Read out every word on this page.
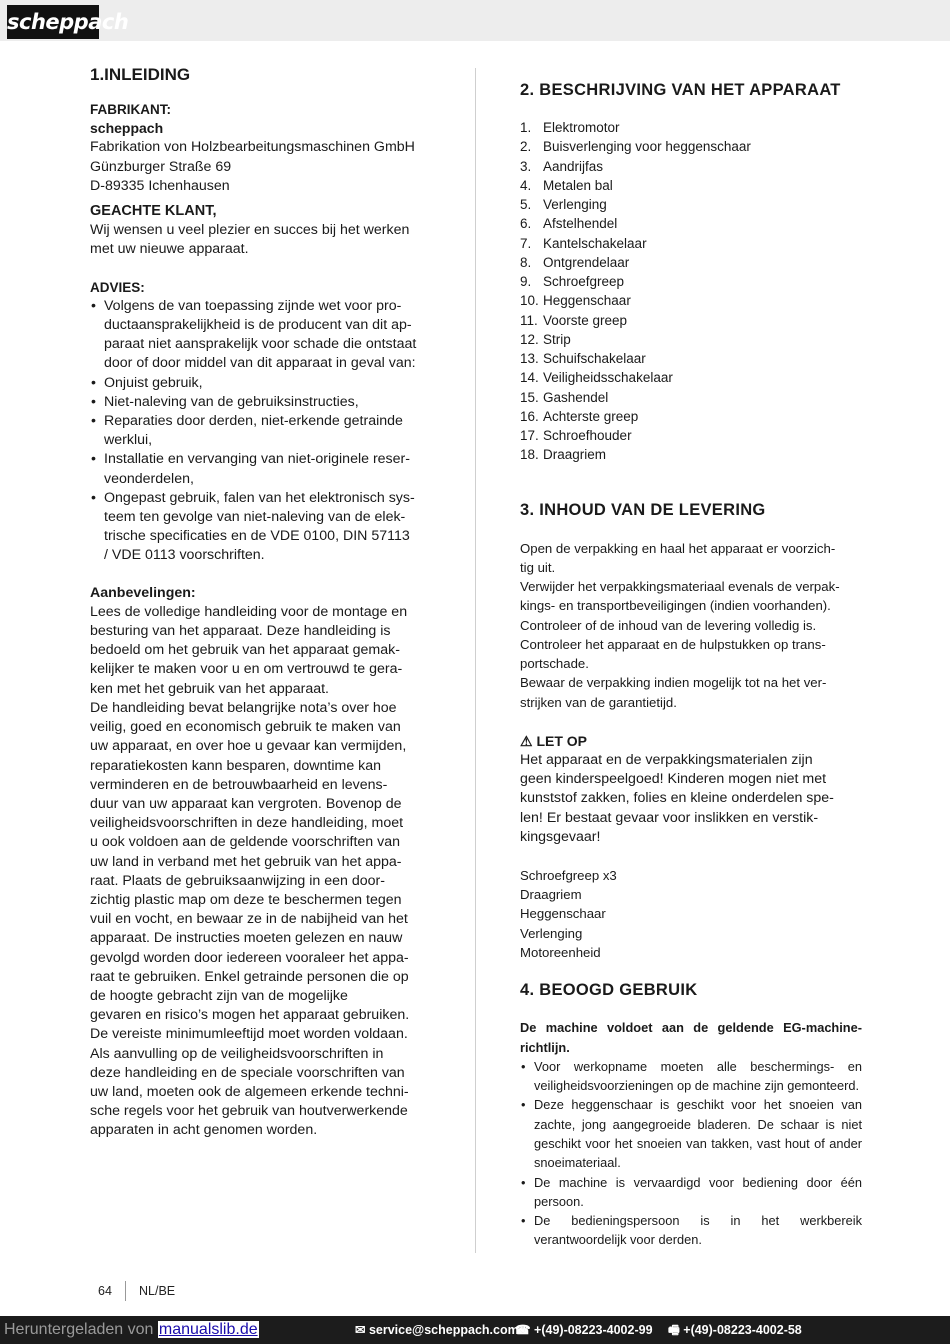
scheppach
1.INLEIDING
FABRIKANT:
scheppach
Fabrikation von Holzbearbeitungsmaschinen GmbH
Günzburger Straße 69
D-89335 Ichenhausen
GEACHTE KLANT,
Wij wensen u veel plezier en succes bij het werken
met uw nieuwe apparaat.
ADVIES:
• Volgens de van toepassing zijnde wet voor pro-
ductaansprakelijkheid is de producent van dit ap-
paraat niet aansprakelijk voor schade die ontstaat
door of door middel van dit apparaat in geval van:
• Onjuist gebruik,
• Niet-naleving van de gebruiksinstructies,
• Reparaties door derden, niet-erkende getrainde
werklui,
• Installatie en vervanging van niet-originele reser-
veonderdelen,
• Ongepast gebruik, falen van het elektronisch sys-
teem ten gevolge van niet-naleving van de elek-
trische specificaties en de VDE 0100, DIN 57113
/ VDE 0113 voorschriften.
Aanbevelingen:
Lees de volledige handleiding voor de montage en
besturing van het apparaat. Deze handleiding is
bedoeld om het gebruik van het apparaat gemak-
kelijker te maken voor u en om vertrouwd te gera-
ken met het gebruik van het apparaat.
De handleiding bevat belangrijke nota’s over hoe
veilig, goed en economisch gebruik te maken van
uw apparaat, en over hoe u gevaar kan vermijden,
reparatiekosten kann besparen, downtime kan
verminderen en de betrouwbaarheid en levens-
duur van uw apparaat kan vergroten. Bovenop de
veiligheidsvoorschriften in deze handleiding, moet
u ook voldoen aan de geldende voorschriften van
uw land in verband met het gebruik van het appa-
raat. Plaats de gebruiksaanwijzing in een door-
zichtig plastic map om deze te beschermen tegen
vuil en vocht, en bewaar ze in de nabijheid van het
apparaat. De instructies moeten gelezen en nauw
gevolgd worden door iedereen vooraleer het appa-
raat te gebruiken. Enkel getrainde personen die op
de hoogte gebracht zijn van de mogelijke
gevaren en risico’s mogen het apparaat gebruiken.
De vereiste minimumleeftijd moet worden voldaan.
Als aanvulling op de veiligheidsvoorschriften in
deze handleiding en de speciale voorschriften van
uw land, moeten ook de algemeen erkende techni-
sche regels voor het gebruik van houtverwerkende
apparaten in acht genomen worden.
2. BESCHRIJVING VAN HET APPARAAT
1. Elektromotor
2. Buisverlenging voor heggenschaar
3. Aandrijfas
4. Metalen bal
5. Verlenging
6. Afstelhendel
7. Kantelschakelaar
8. Ontgrendelaar
9. Schroefgreep
10. Heggenschaar
11. Voorste greep
12. Strip
13. Schuifschakelaar
14. Veiligheidsschakelaar
15. Gashendel
16. Achterste greep
17. Schroefhouder
18. Draagriem
3. INHOUD VAN DE LEVERING
Open de verpakking en haal het apparaat er voorzich-
tig uit.
Verwijder het verpakkingsmateriaal evenals de verpak-
kings- en transportbeveiligingen (indien voorhanden).
Controleer of de inhoud van de levering volledig is.
Controleer het apparaat en de hulpstukken op trans-
portschade.
Bewaar de verpakking indien mogelijk tot na het ver-
strijken van de garantietijd.
⚠ LET OP
Het apparaat en de verpakkingsmaterialen zijn
geen kinderspeelgoed! Kinderen mogen niet met
kunststof zakken, folies en kleine onderdelen spe-
len! Er bestaat gevaar voor inslikken en verstik-
kingsgevaar!
Schroefgreep x3
Draagriem
Heggenschaar
Verlenging
Motoreenheid
4. BEOOGD GEBRUIK
De machine voldoet aan de geldende EG-machine-richtlijn.
• Voor werkopname moeten alle beschermings- en veiligheidsvoorzieningen op de machine zijn gemonteerd.
• Deze heggenschaar is geschikt voor het snoeien van zachte, jong aangegroeide bladeren. De schaar is niet geschikt voor het snoeien van takken, vast hout of ander snoeimateriaal.
• De machine is vervaardigd voor bediening door één persoon.
• De bedieningspersoon is in het werkbereik verantwoordelijk voor derden.
64 NL/BE
Heruntergeladen von manualslib.de	✉ service@scheppach.com
☎ +(49)-08223-4002-99 🖷 +(49)-08223-4002-58
